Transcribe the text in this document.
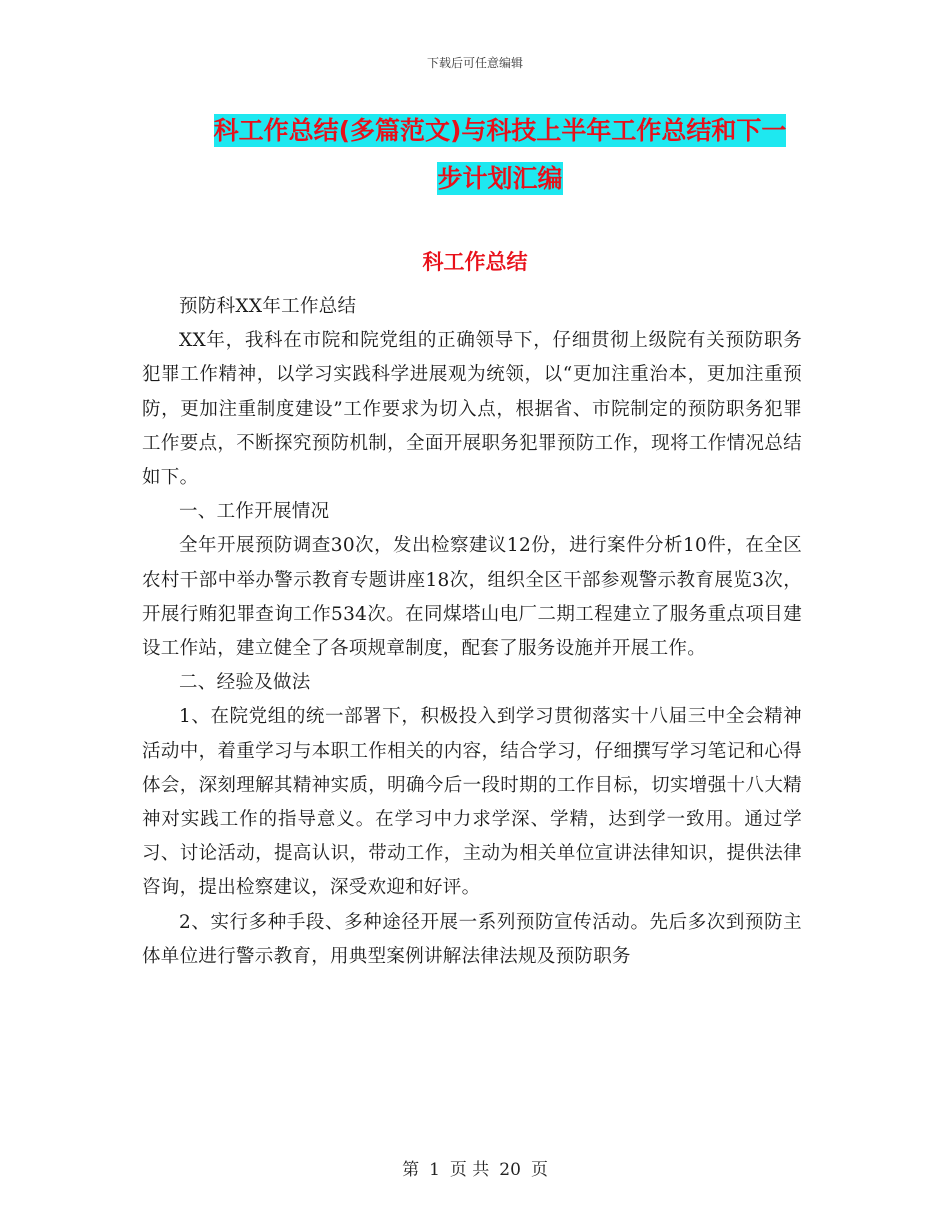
下载后可任意编辑
科工作总结(多篇范文)与科技上半年工作总结和下一
步计划汇编
科工作总结

预防科XX年工作总结

XX年，我科在市院和院党组的正确领导下，仔细贯彻上级院有关预防职务犯罪工作精神，以学习实践科学进展观为统领，以“更加注重治本，更加注重预防，更加注重制度建设”工作要求为切入点，根据省、市院制定的预防职务犯罪工作要点，不断探究预防机制，全面开展职务犯罪预防工作，现将工作情况总结如下。

一、工作开展情况

全年开展预防调查30次，发出检察建议12份，进行案件分析10件，在全区农村干部中举办警示教育专题讲座18次，组织全区干部参观警示教育展览3次，开展行贿犯罪查询工作534次。在同煤塔山电厂二期工程建立了服务重点项目建设工作站，建立健全了各项规章制度，配套了服务设施并开展工作。

二、经验及做法

1、在院党组的统一部署下，积极投入到学习贯彻落实十八届三中全会精神活动中，着重学习与本职工作相关的内容，结合学习，仔细撰写学习笔记和心得体会，深刻理解其精神实质，明确今后一段时期的工作目标，切实增强十八大精神对实践工作的指导意义。在学习中力求学深、学精，达到学一致用。通过学习、讨论活动，提高认识，带动工作，主动为相关单位宣讲法律知识，提供法律咨询，提出检察建议，深受欢迎和好评。

2、实行多种手段、多种途径开展一系列预防宣传活动。先后多次到预防主体单位进行警示教育，用典型案例讲解法律法规及预防职务

第 1 页 共 20 页
